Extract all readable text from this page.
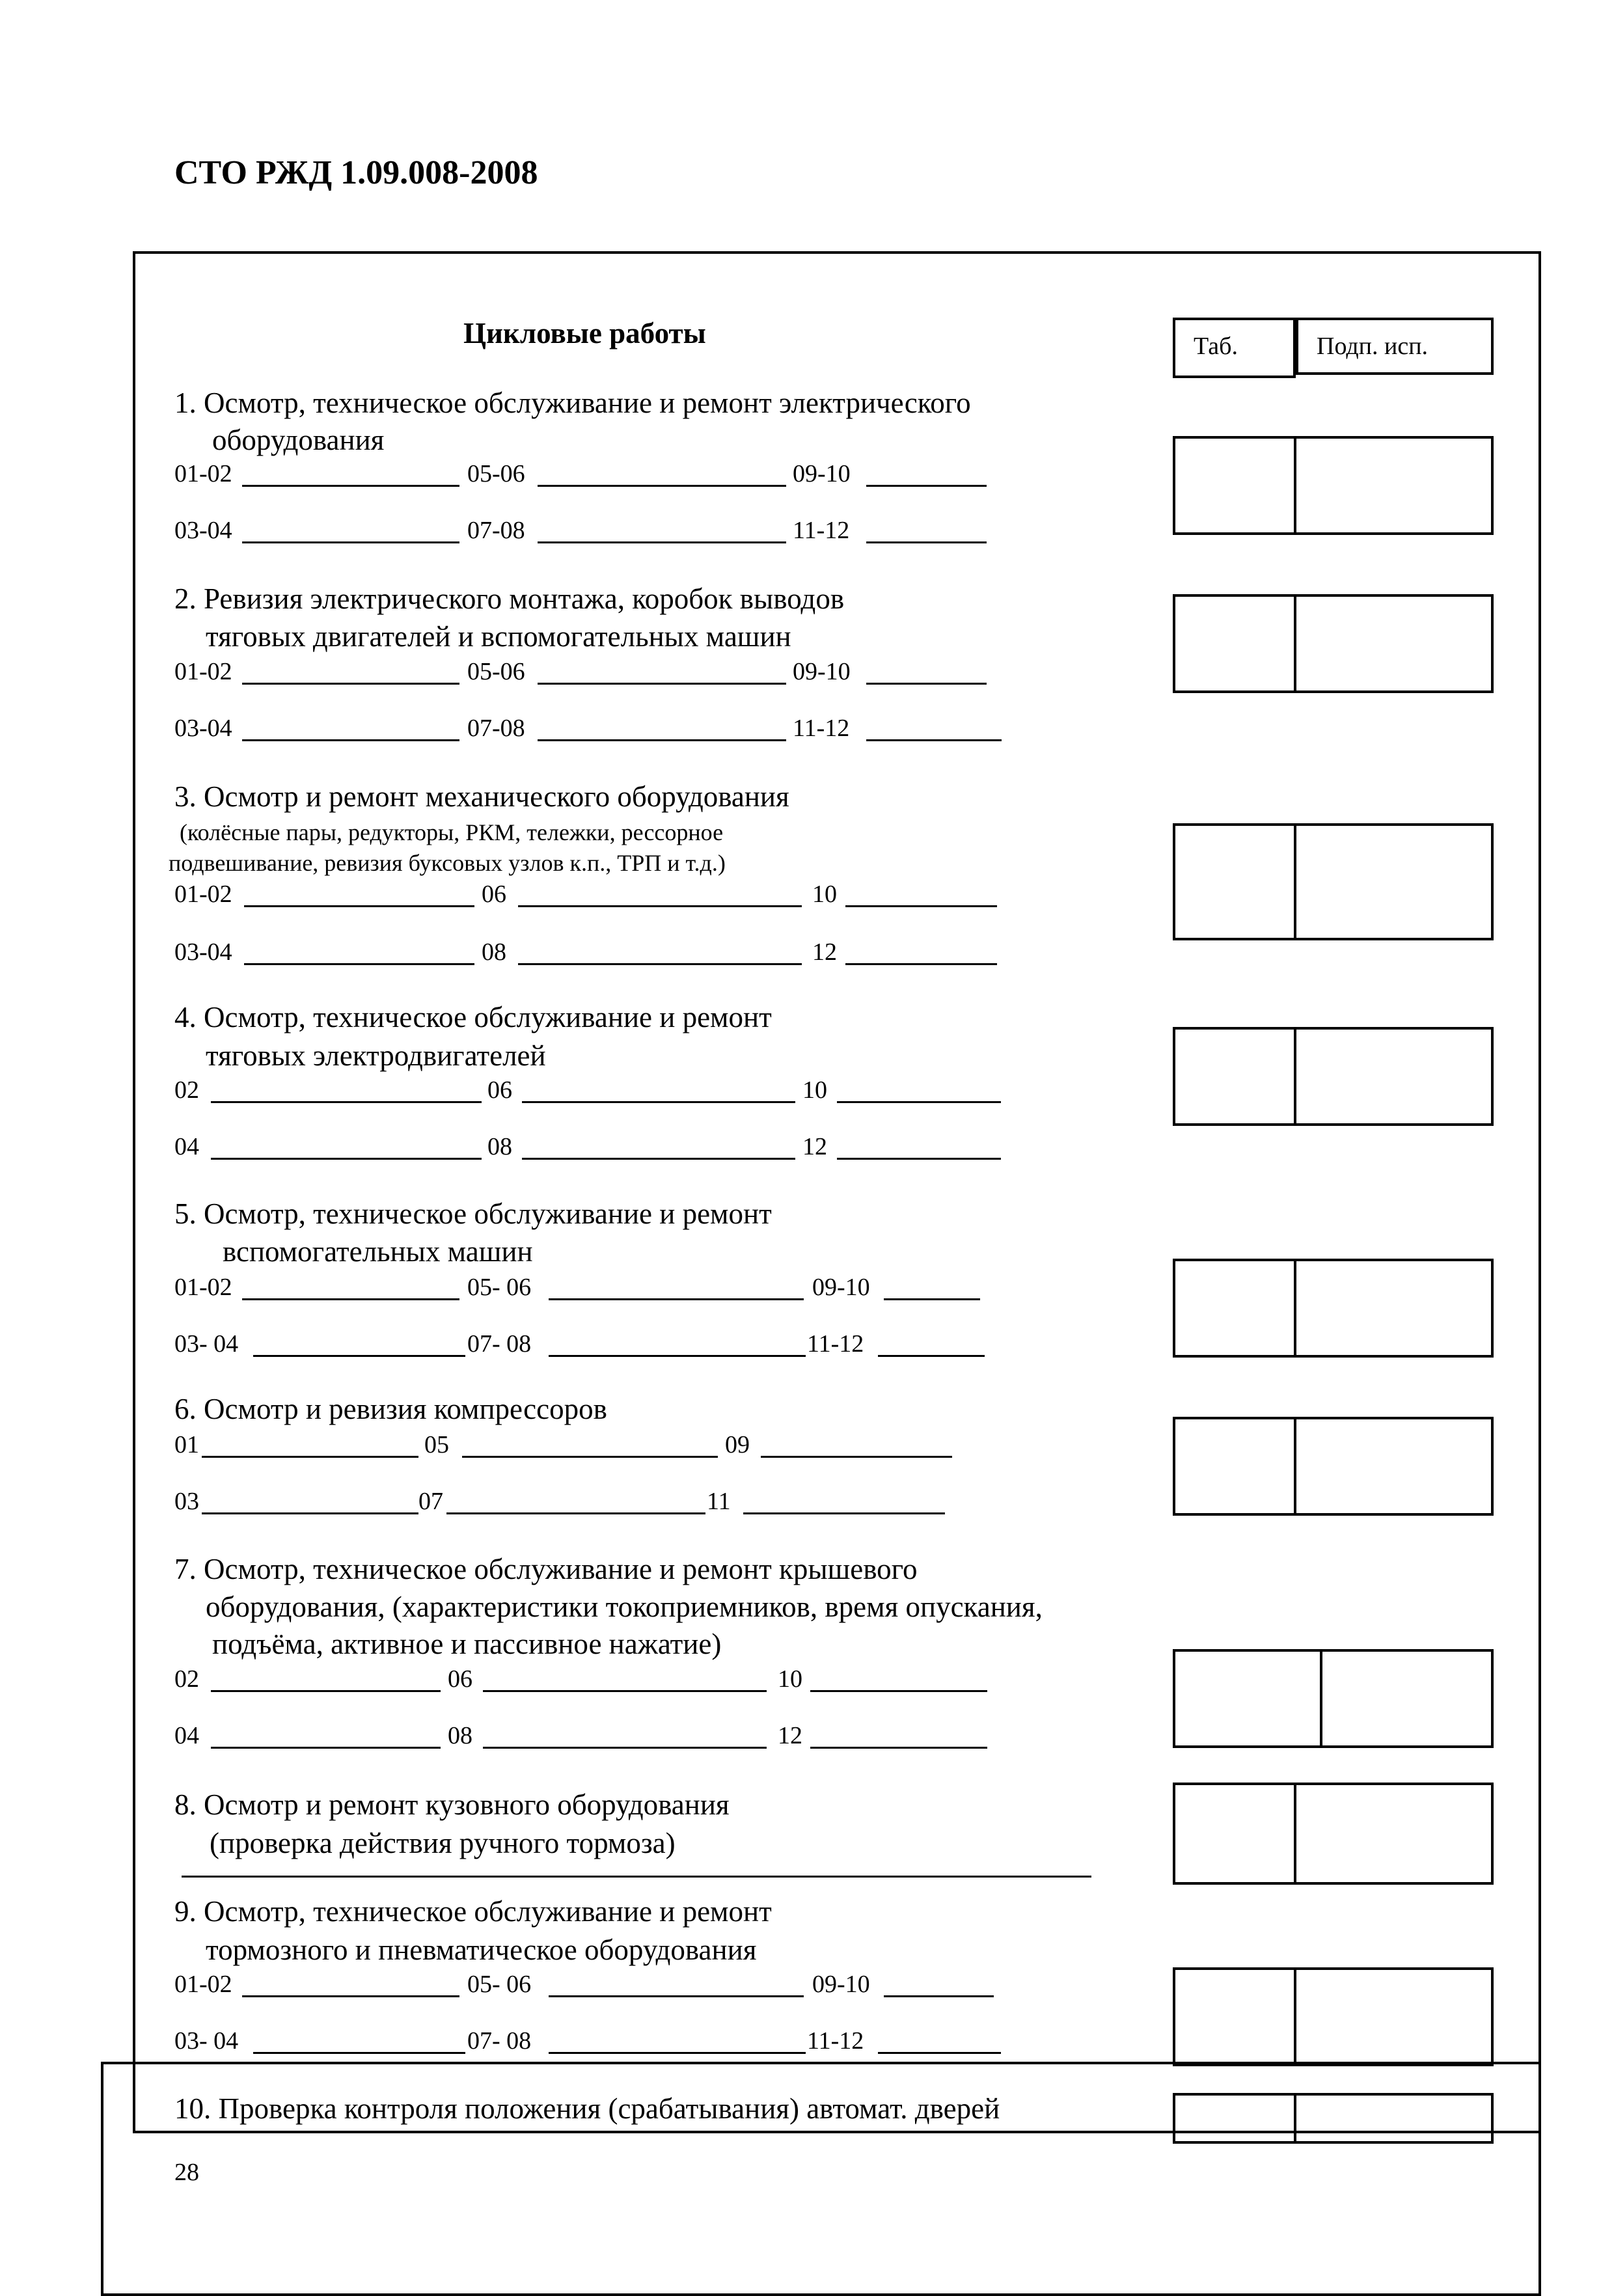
СТО РЖД 1.09.008-2008
Цикловые работы	Таб.	Подп. исп.
1. Осмотр, техническое обслуживание и ремонт электрического
оборудования
01-02	05-06	09-10
03-04	07-08	11-12
2. Ревизия электрического монтажа, коробок выводов
тяговых двигателей и вспомогательных машин
01-02	05-06	09-10
03-04	07-08	11-12
3. Осмотр и ремонт механического оборудования
(колёсные пары, редукторы, РКМ, тележки, рессорное
подвешивание, ревизия буксовых узлов к.п., ТРП и т.д.)
01-02	06	10
03-04	08	12
4. Осмотр, техническое обслуживание и ремонт
тяговых электродвигателей
02	06	10
04	08	12
5. Осмотр, техническое обслуживание и ремонт
вспомогательных машин
01-02	05- 06	09-10
03- 04	07- 08	11-12
6. Осмотр и ревизия компрессоров
01	05	09
03	07	11
7. Осмотр, техническое обслуживание и ремонт крышевого
оборудования, (характеристики токоприемников, время опускания,
подъёма, активное и пассивное нажатие)
02	06	10
04	08	12
8. Осмотр и ремонт кузовного оборудования
(проверка действия ручного тормоза)
9. Осмотр, техническое обслуживание и ремонт
тормозного и пневматическое оборудования
01-02	05- 06	09-10
03- 04	07- 08	11-12
10. Проверка контроля положения (срабатывания) автомат. дверей
28
